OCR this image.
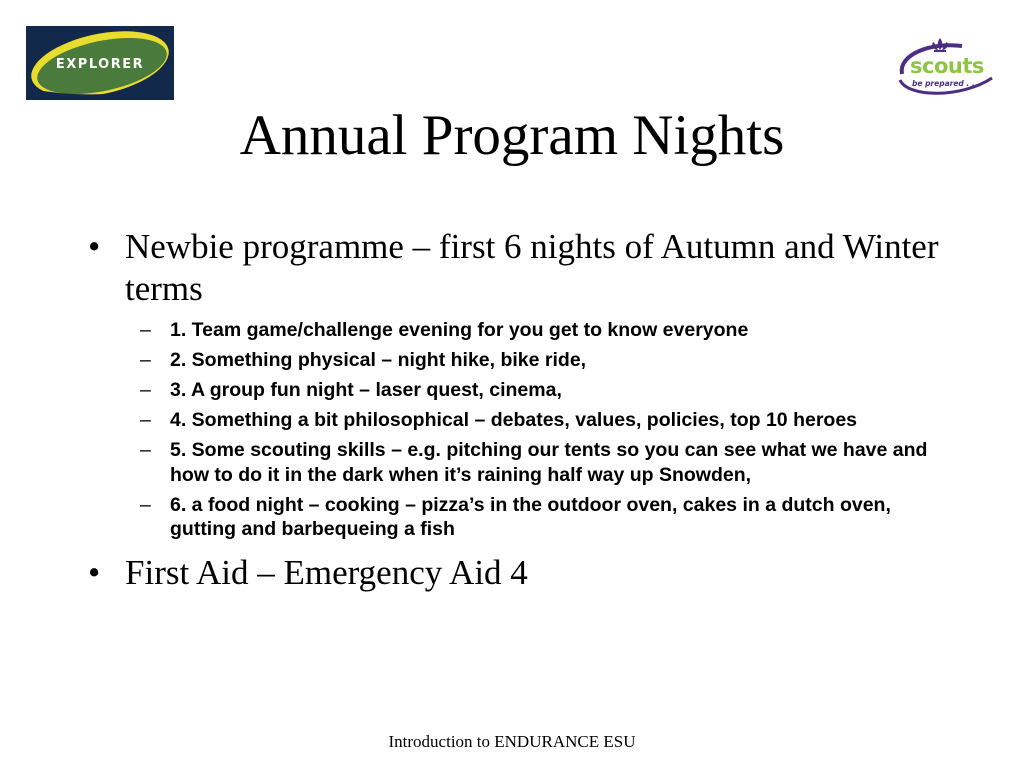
EXPLORER	scouts
be prepared . . .
Annual Program Nights
• Newbie programme – first 6 nights of Autumn and Winter terms
– 1. Team game/challenge evening for you get to know everyone
– 2. Something physical – night hike, bike ride,
– 3. A group fun night – laser quest, cinema,
– 4. Something a bit philosophical – debates, values, policies, top 10 heroes
– 5. Some scouting skills – e.g. pitching our tents so you can see what we have and how to do it in the dark when it’s raining half way up Snowden,
– 6. a food night – cooking – pizza’s in the outdoor oven, cakes in a dutch oven, gutting and barbequeing a fish
• First Aid – Emergency Aid 4
Introduction to ENDURANCE ESU
